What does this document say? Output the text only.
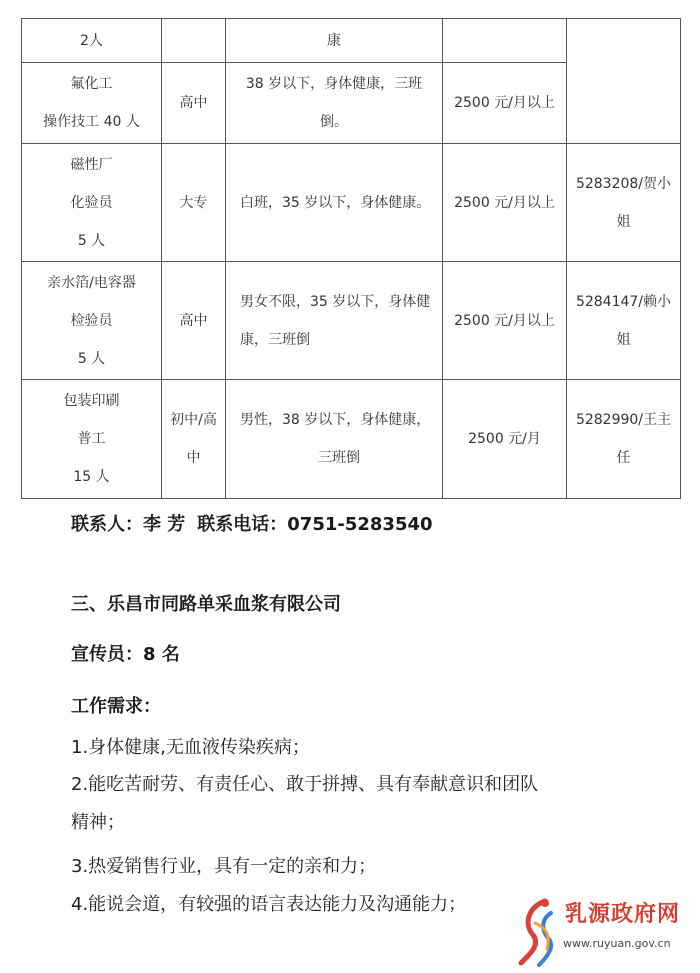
2人		康		

氟化工
操作技工 40 人	高中	38 岁以下，身体健康，三班
倒。	2500 元/月以上	

磁性厂
化验员
5 人	大专	白班，35 岁以下，身体健康。	2500 元/月以上	5283208/贺小
姐

亲水箔/电容器
检验员
5 人	高中	男女不限，35 岁以下，身体健
康，三班倒	2500 元/月以上	5284147/赖小
姐

包装印刷
普工
15 人	初中/高
中	男性，38 岁以下，身体健康，
三班倒	2500 元/月	5282990/王主
任
联系人：李 芳 联系电话：0751-5283540
三、乐昌市同路单采血浆有限公司
宣传员：8 名
工作需求：
1.身体健康,无血液传染疾病；
2.能吃苦耐劳、有责任心、敢于拼搏、具有奉献意识和团队
精神；
3.热爱销售行业，具有一定的亲和力；
4.能说会道，有较强的语言表达能力及沟通能力；	乳源政府网
www.ruyuan.gov.cn
